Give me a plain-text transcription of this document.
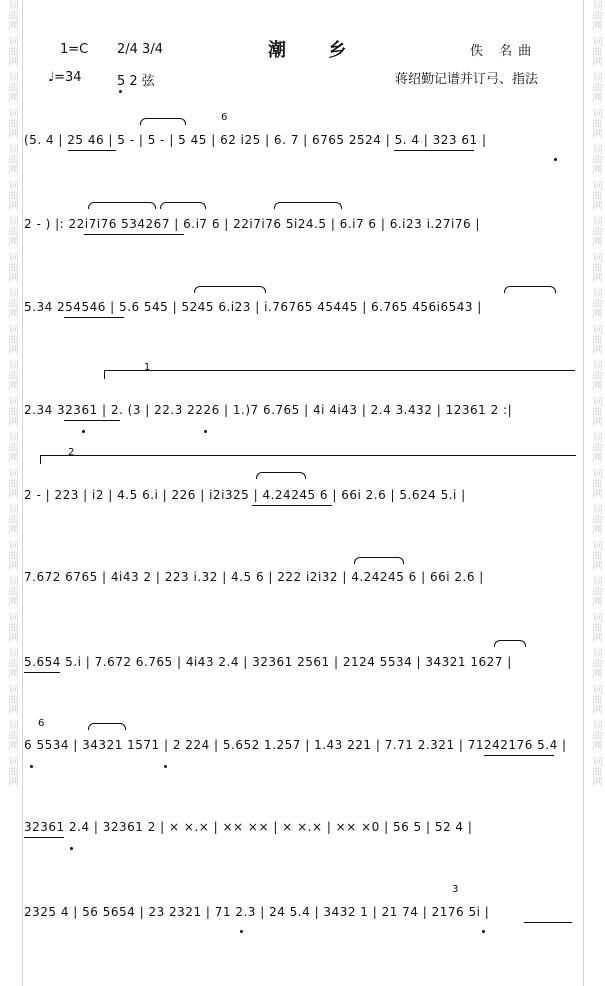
词曲网
词曲网
词曲网
词曲网
词曲网
词曲网
词曲网
词曲网
词曲网
词曲网
词曲网
词曲网
词曲网
词曲网
词曲网
词曲网
词曲网
词曲网
词曲网
词曲网
词曲网
词曲网
词曲网
词曲网
词曲网
词曲网
词曲网
词曲网
词曲网
词曲网
词曲网
词曲网
词曲网
词曲网
词曲网
词曲网
词曲网
词曲网
词曲网
词曲网
词曲网
词曲网
词曲网
词曲网
1=C 2/4 3/4	潮 乡	佚 名曲
♩=34	5 2 弦	蒋绍勤记谱并订弓、指法
(5. 4 | 25 46 | 5 - | 5 - | 5 45 | 62 i25 | 6. 7 | 6765 2524 | 5. 4 | 323 61 |
2 - ) |: 22i7i76 534267 | 6.i7 6 | 22i7i76 5i24.5 | 6.i7 6 | 6.i23 i.27i76 |
5.34 254546 | 5.6 545 | 5245 6.i23 | i.76765 45445 | 6.765 456i6543 |
2.34 32361 | 2. (3 | 22.3 2226 | 1.)7 6.765 | 4i 4i43 | 2.4 3.432 | 12361 2 :|
2 - | 223 | i2 | 4.5 6.i | 226 | i2i325 | 4.24245 6 | 66i 2.6 | 5.624 5.i |
7.672 6765 | 4i43 2 | 223 i.32 | 4.5 6 | 222 i2i32 | 4.24245 6 | 66i 2.6 |
5.654 5.i | 7.672 6.765 | 4i43 2.4 | 32361 2561 | 2124 5534 | 34321 1627 |
6 5534 | 34321 1571 | 2 224 | 5.652 1.257 | 1.43 221 | 7.71 2.321 | 71242176 5.4 |
32361 2.4 | 32361 2 | × ×.× | ×× ×× | × ×.× | ×× ×0 | 56 5 | 52 4 |
2325 4 | 56 5654 | 23 2321 | 71 2.3 | 24 5.4 | 3432 1 | 21 74 | 2176 5i |
1
2
6
6
3
